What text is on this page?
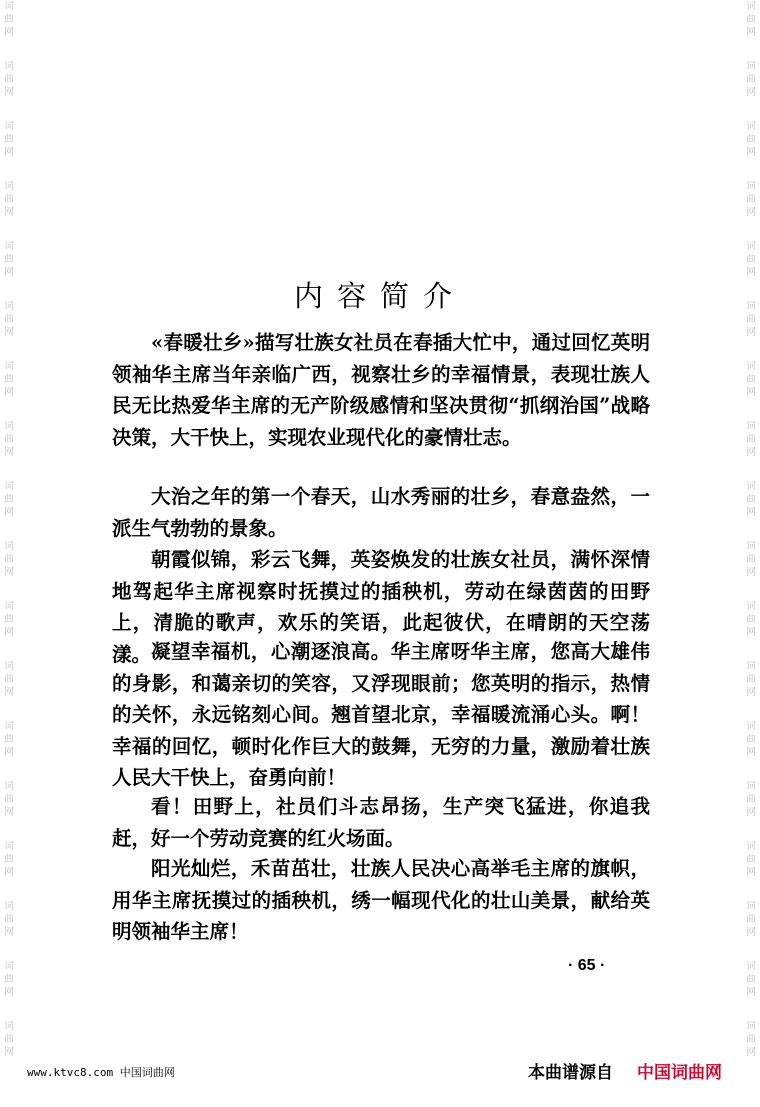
词
曲
网
词
曲
网
词
曲
网
词
曲
网
词
曲
网
词
曲
网
词
曲
网
词
曲
网
词
曲
网
词
曲
网
词
曲
网
词
曲
网
词
曲
网
词
曲
网
词
曲
网
词
曲
网
词
曲
网
词
曲
网
词
曲
网
词
曲
网
词
曲
网
词
曲
网
词
曲
网
词
曲
网
词
曲
网
词
曲
网
词
曲
网
词
曲
网
词
曲
网
词
曲
网
词
曲
网
词
曲
网
词
曲
网
词
曲
网
词
曲
网
词
曲
网
内容简介

«春暖壮乡»描写壮族女社员在春插大忙中，通过回忆英明领袖华主席当年亲临广西，视察壮乡的幸福情景，表现壮族人民无比热爱华主席的无产阶级感情和坚决贯彻“抓纲治国”战略决策，大干快上，实现农业现代化的豪情壮志。

大治之年的第一个春天，山水秀丽的壮乡，春意盎然，一派生气勃勃的景象。

朝霞似锦，彩云飞舞，英姿焕发的壮族女社员，满怀深情地驾起华主席视察时抚摸过的插秧机，劳动在绿茵茵的田野上，清脆的歌声，欢乐的笑语，此起彼伏，在晴朗的天空荡漾。 凝望幸福机，心潮逐浪高。华主席呀华主席，您高大雄伟的身影，和蔼亲切的笑容，又浮现眼前；您英明的指示，热情的关怀，永远铭刻心间。翘首望北京，幸福暖流涌心头。啊！幸福的回忆，顿时化作巨大的鼓舞，无穷的力量，激励着壮族人民大干快上，奋勇向前！

看！田野上，社员们斗志昂扬，生产突飞猛进，你追我赶，好一个劳动竞赛的红火场面。

阳光灿烂，禾苗茁壮，壮族人民决心高举毛主席的旗帜，用华主席抚摸过的插秧机，绣一幅现代化的壮山美景，献给英明领袖华主席！

· 65 ·
www.ktvc8.com 中国词曲网	本曲谱源自 中国词曲网
